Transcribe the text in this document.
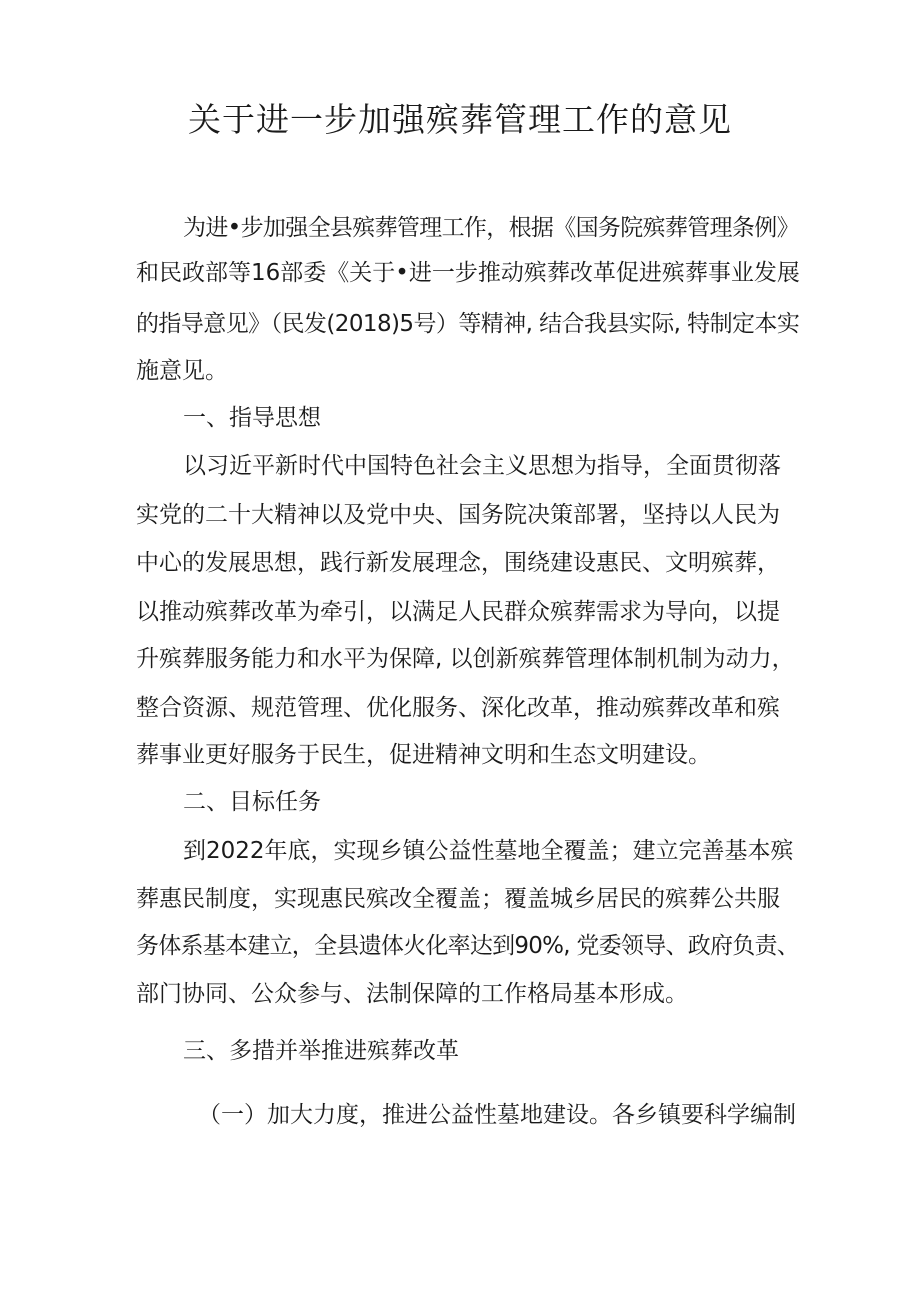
关于进一步加强殡葬管理工作的意见
为进•步加强全县殡葬管理工作，根据《国务院殡葬管理条例》
和民政部等16部委《关于•进一步推动殡葬改革促进殡葬事业发展
的指导意见》（民发(2018)5号）等精神, 结合我县实际, 特制定本实
施意见。
一、指导思想
以习近平新时代中国特色社会主义思想为指导，全面贯彻落
实党的二十大精神以及党中央、国务院决策部署，坚持以人民为
中心的发展思想，践行新发展理念，围绕建设惠民、文明殡葬，
以推动殡葬改革为牵引，以满足人民群众殡葬需求为导向，以提
升殡葬服务能力和水平为保障, 以创新殡葬管理体制机制为动力，
整合资源、规范管理、优化服务、深化改革，推动殡葬改革和殡
葬事业更好服务于民生，促进精神文明和生态文明建设。
二、目标任务
到2022年底，实现乡镇公益性墓地全覆盖；建立完善基本殡
葬惠民制度，实现惠民殡改全覆盖；覆盖城乡居民的殡葬公共服
务体系基本建立，全县遗体火化率达到90%, 党委领导、政府负责、
部门协同、公众参与、法制保障的工作格局基本形成。
三、多措并举推进殡葬改革
（一）加大力度，推进公益性墓地建设。各乡镇要科学编制
